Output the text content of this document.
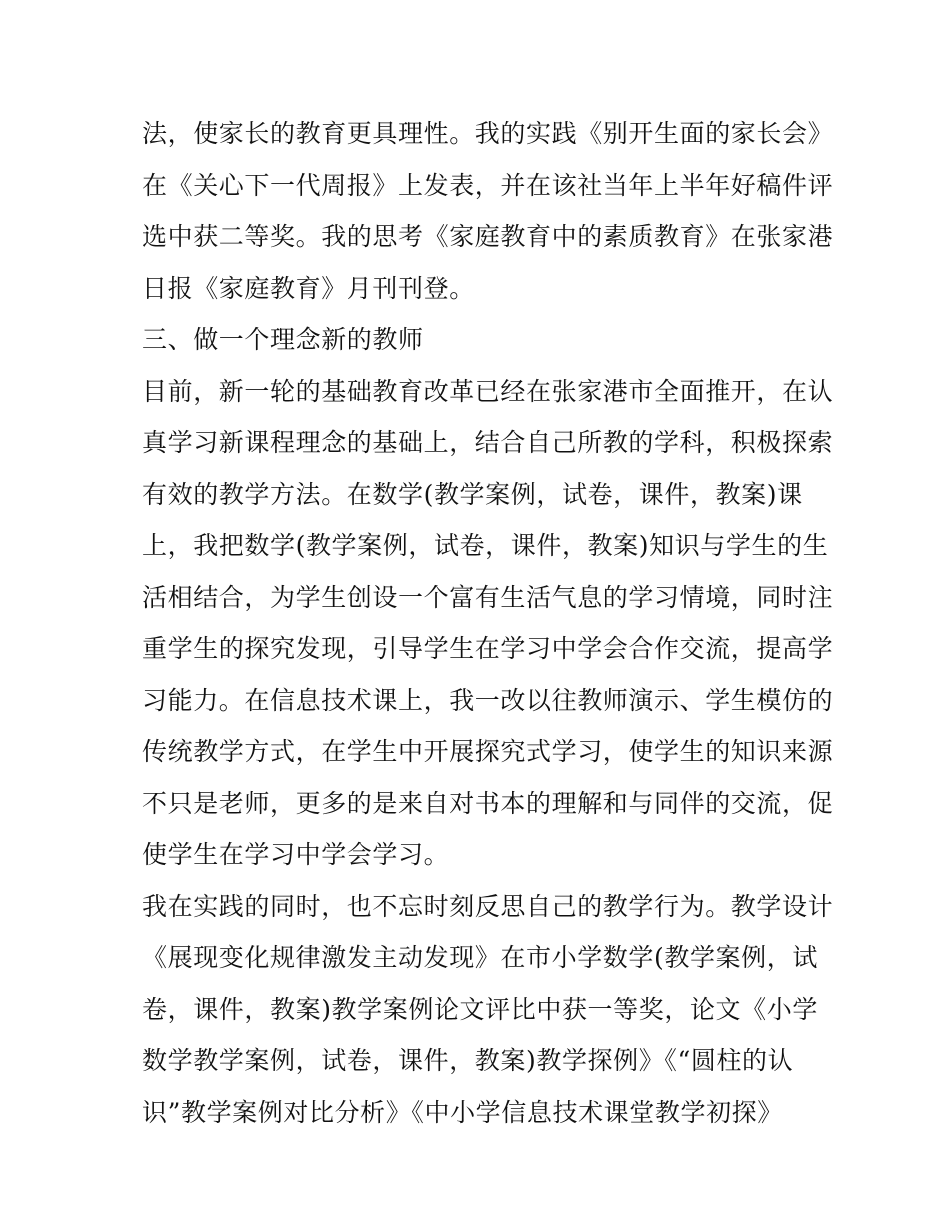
法，使家长的教育更具理性。我的实践《别开生面的家长会》
在《关心下一代周报》上发表，并在该社当年上半年好稿件评
选中获二等奖。我的思考《家庭教育中的素质教育》在张家港
日报《家庭教育》月刊刊登。
三、做一个理念新的教师
目前，新一轮的基础教育改革已经在张家港市全面推开，在认
真学习新课程理念的基础上，结合自己所教的学科，积极探索
有效的教学方法。在数学(教学案例，试卷，课件，教案)课
上，我把数学(教学案例，试卷，课件，教案)知识与学生的生
活相结合，为学生创设一个富有生活气息的学习情境，同时注
重学生的探究发现，引导学生在学习中学会合作交流，提高学
习能力。在信息技术课上，我一改以往教师演示、学生模仿的
传统教学方式，在学生中开展探究式学习，使学生的知识来源
不只是老师，更多的是来自对书本的理解和与同伴的交流，促
使学生在学习中学会学习。
我在实践的同时，也不忘时刻反思自己的教学行为。教学设计
《展现变化规律激发主动发现》在市小学数学(教学案例，试
卷，课件，教案)教学案例论文评比中获一等奖，论文《小学
数学教学案例，试卷，课件，教案)教学探例》《“圆柱的认
识”教学案例对比分析》《中小学信息技术课堂教学初探》
